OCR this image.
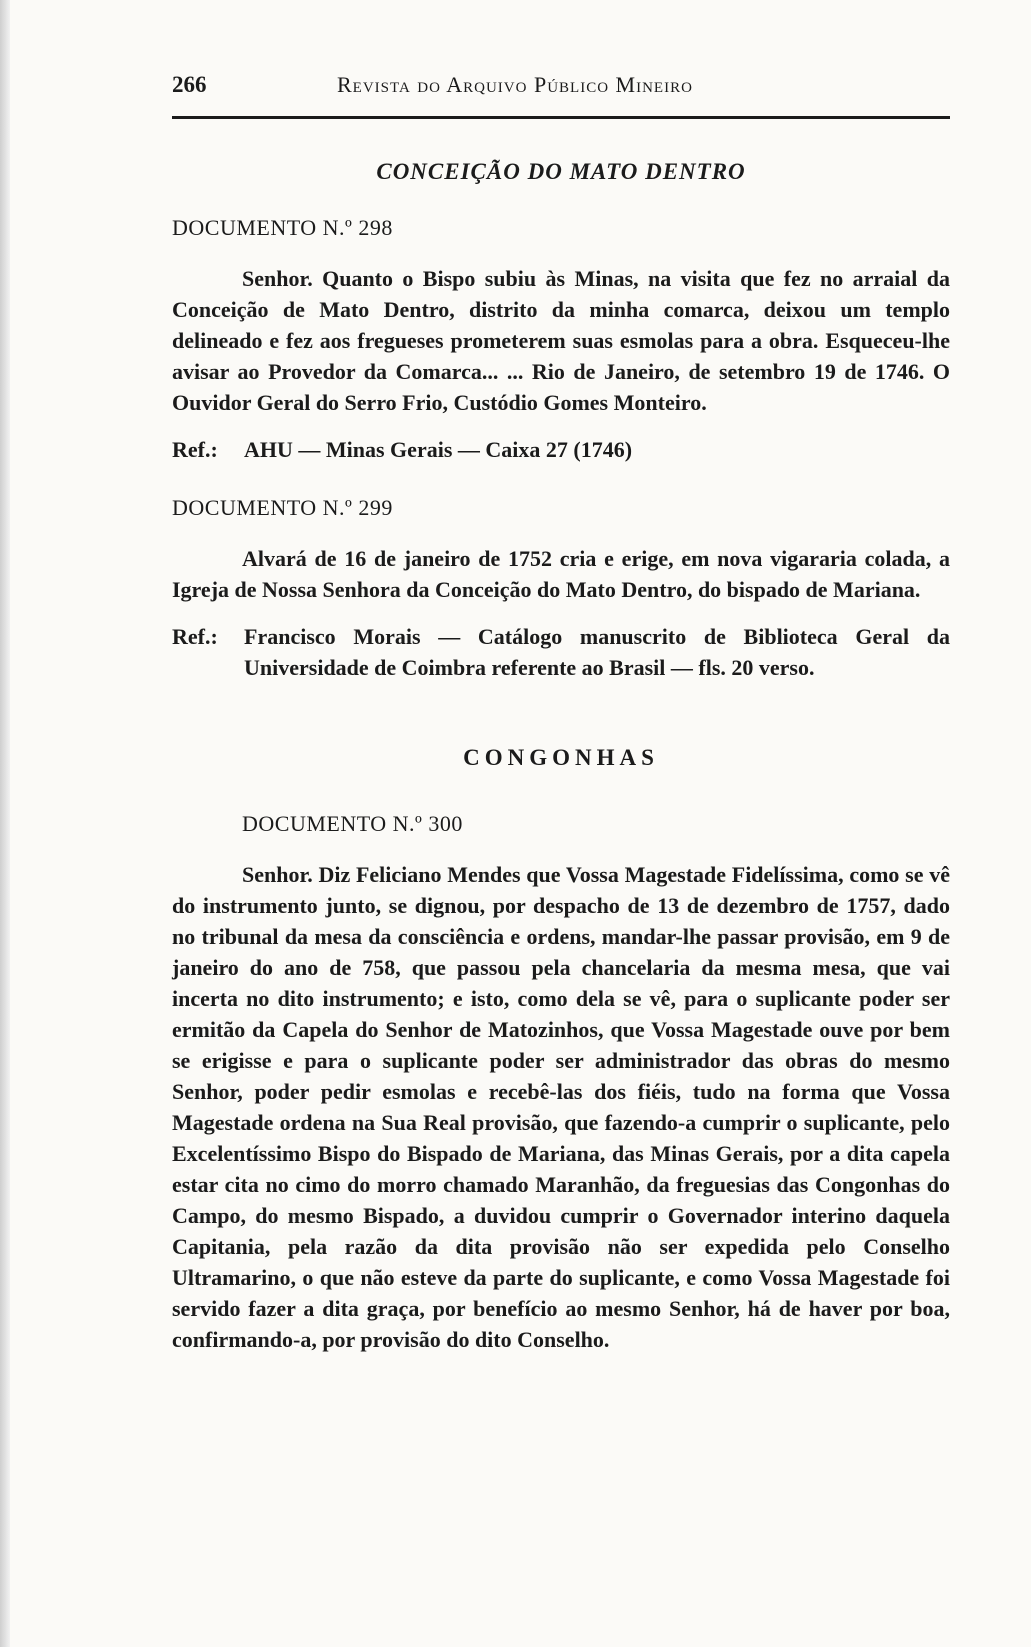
266	Revista do Arquivo Público Mineiro
CONCEIÇÃO DO MATO DENTRO
DOCUMENTO N.º 298

Senhor. Quanto o Bispo subiu às Minas, na visita que fez no arraial da Conceição de Mato Dentro, distrito da minha comarca, deixou um templo delineado e fez aos fregueses prometerem suas esmolas para a obra. Esqueceu-lhe avisar ao Provedor da Comarca... ... Rio de Janeiro, de setembro 19 de 1746. O Ouvidor Geral do Serro Frio, Custódio Gomes Monteiro.

Ref.:	AHU — Minas Gerais — Caixa 27 (1746)
DOCUMENTO N.º 299

Alvará de 16 de janeiro de 1752 cria e erige, em nova vigararia colada, a Igreja de Nossa Senhora da Conceição do Mato Dentro, do bispado de Mariana.

Ref.:	Francisco Morais — Catálogo manuscrito de Biblioteca Geral da Universidade de Coimbra referente ao Brasil — fls. 20 verso.
CONGONHAS
DOCUMENTO N.º 300

Senhor. Diz Feliciano Mendes que Vossa Magestade Fidelíssima, como se vê do instrumento junto, se dignou, por despacho de 13 de dezembro de 1757, dado no tribunal da mesa da consciência e ordens, mandar-lhe passar provisão, em 9 de janeiro do ano de 758, que passou pela chancelaria da mesma mesa, que vai incerta no dito instrumento; e isto, como dela se vê, para o suplicante poder ser ermitão da Capela do Senhor de Matozinhos, que Vossa Magestade ouve por bem se erigisse e para o suplicante poder ser administrador das obras do mesmo Senhor, poder pedir esmolas e recebê-las dos fiéis, tudo na forma que Vossa Magestade ordena na Sua Real provisão, que fazendo-a cumprir o suplicante, pelo Excelentíssimo Bispo do Bispado de Mariana, das Minas Gerais, por a dita capela estar cita no cimo do morro chamado Maranhão, da freguesias das Congonhas do Campo, do mesmo Bispado, a duvidou cumprir o Governador interino daquela Capitania, pela razão da dita provisão não ser expedida pelo Conselho Ultramarino, o que não esteve da parte do suplicante, e como Vossa Magestade foi servido fazer a dita graça, por benefício ao mesmo Senhor, há de haver por boa, confirmando-a, por provisão do dito Conselho.
